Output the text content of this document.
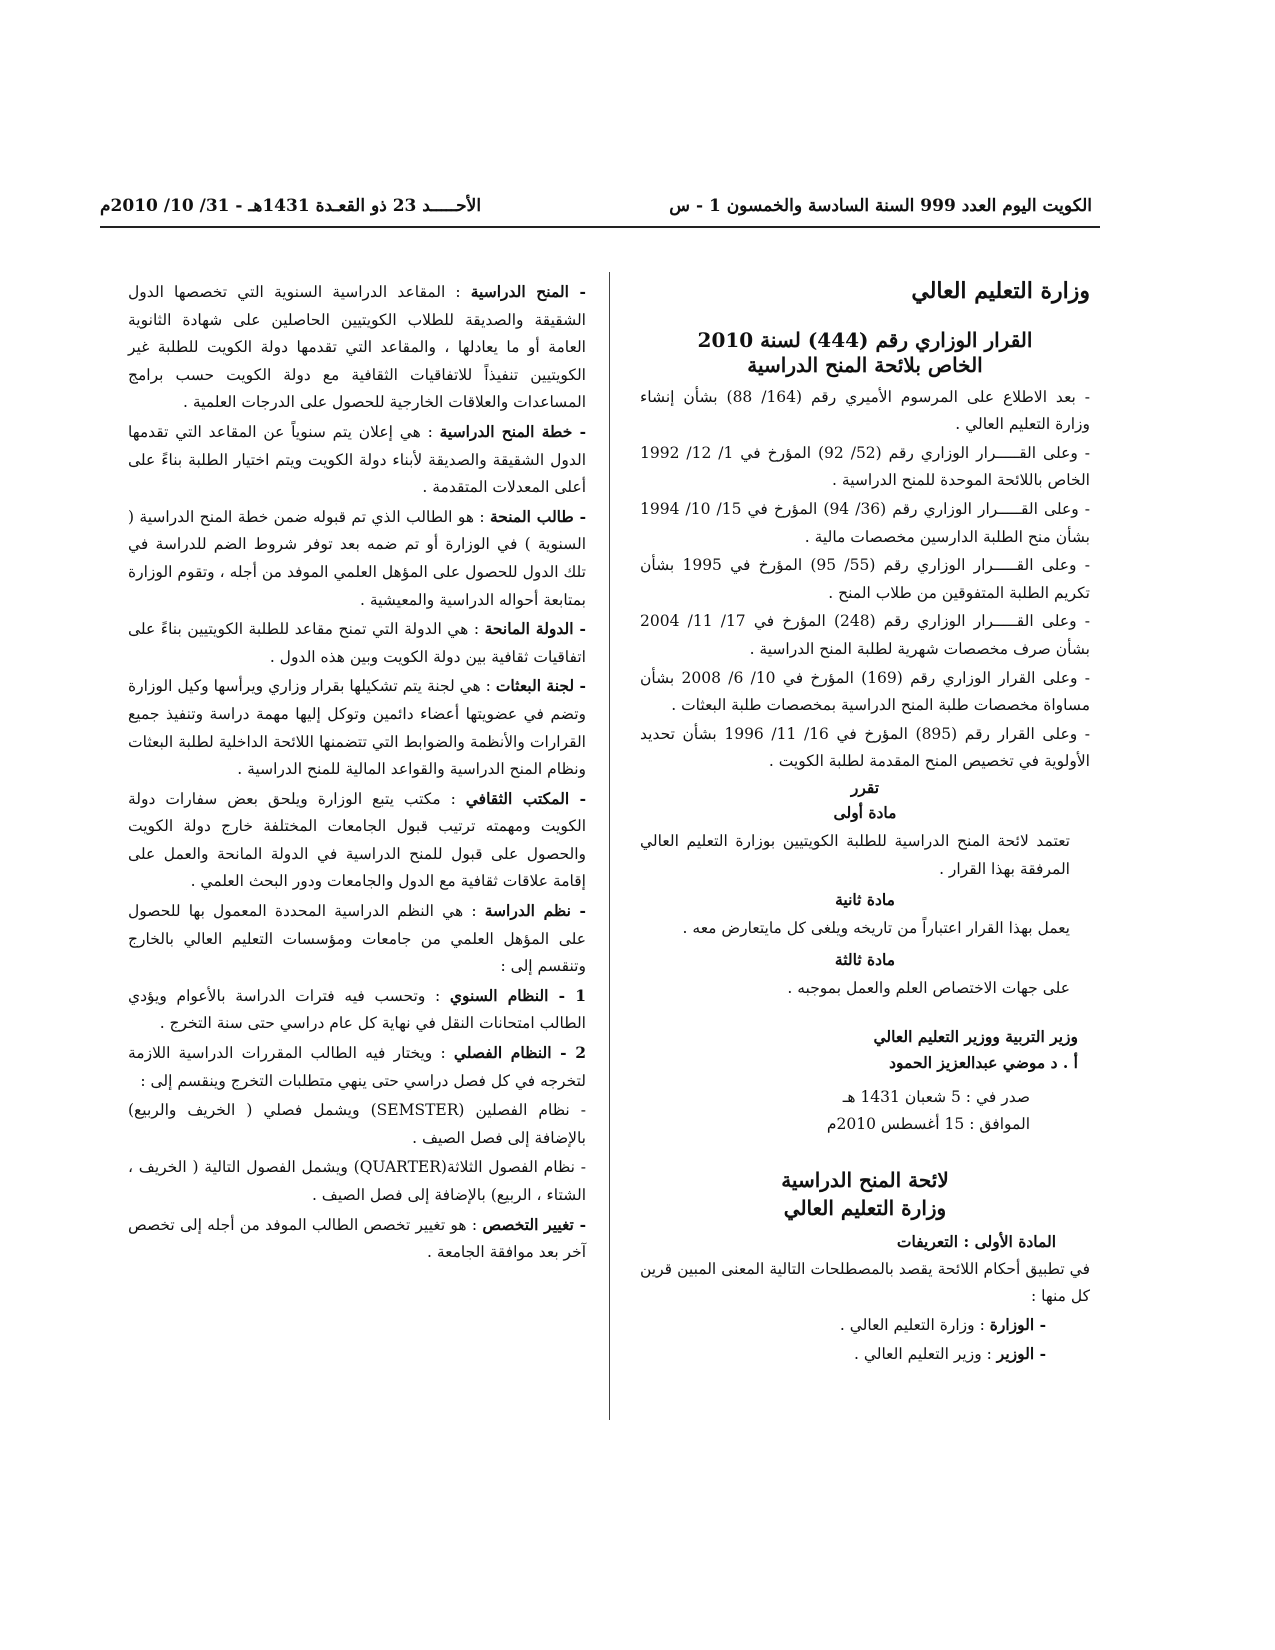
الكويت اليوم العدد 999 السنة السادسة والخمسون 1 - س
الأحـــــد 23 ذو القعـدة 1431هـ - 31/ 10/ 2010م
وزارة التعليم العالي
القرار الوزاري رقم (444) لسنة 2010
الخاص بلائحة المنح الدراسية

- بعد الاطلاع على المرسوم الأميري رقم (164/ 88) بشأن إنشاء وزارة التعليم العالي .

- وعلى القـــــرار الوزاري رقم (52/ 92) المؤرخ في 1/ 12/ 1992 الخاص باللائحة الموحدة للمنح الدراسية .

- وعلى القـــــرار الوزاري رقم (36/ 94) المؤرخ في 15/ 10/ 1994 بشأن منح الطلبة الدارسين مخصصات مالية .

- وعلى القـــــرار الوزاري رقم (55/ 95) المؤرخ في 1995 بشأن تكريم الطلبة المتفوقين من طلاب المنح .

- وعلى القـــــرار الوزاري رقم (248) المؤرخ في 17/ 11/ 2004 بشأن صرف مخصصات شهرية لطلبة المنح الدراسية .

- وعلى القرار الوزاري رقم (169) المؤرخ في 10/ 6/ 2008 بشأن مساواة مخصصات طلبة المنح الدراسية بمخصصات طلبة البعثات .

- وعلى القرار رقم (895) المؤرخ في 16/ 11/ 1996 بشأن تحديد الأولوية في تخصيص المنح المقدمة لطلبة الكويت .

تقرر
مادة أولى

تعتمد لائحة المنح الدراسية للطلبة الكويتيين بوزارة التعليم العالي المرفقة بهذا القرار .

مادة ثانية

يعمل بهذا القرار اعتباراً من تاريخه ويلغى كل مايتعارض معه .

مادة ثالثة

على جهات الاختصاص العلم والعمل بموجبه .

وزير التربية ووزير التعليم العالي
أ . د موضي عبدالعزيز الحمود
صدر في : 5 شعبان 1431 هـ
الموافق : 15 أغسطس 2010م
لائحة المنح الدراسية
وزارة التعليم العالي
المادة الأولى : التعريفات

في تطبيق أحكام اللائحة يقصد بالمصطلحات التالية المعنى المبين قرين كل منها :

- الوزارة : وزارة التعليم العالي .

- الوزير : وزير التعليم العالي .

- المنح الدراسية : المقاعد الدراسية السنوية التي تخصصها الدول الشقيقة والصديقة للطلاب الكويتيين الحاصلين على شهادة الثانوية العامة أو ما يعادلها ، والمقاعد التي تقدمها دولة الكويت للطلبة غير الكويتيين تنفيذاً للاتفاقيات الثقافية مع دولة الكويت حسب برامج المساعدات والعلاقات الخارجية للحصول على الدرجات العلمية .

- خطة المنح الدراسية : هي إعلان يتم سنوياً عن المقاعد التي تقدمها الدول الشقيقة والصديقة لأبناء دولة الكويت ويتم اختيار الطلبة بناءً على أعلى المعدلات المتقدمة .

- طالب المنحة : هو الطالب الذي تم قبوله ضمن خطة المنح الدراسية ( السنوية ) في الوزارة أو تم ضمه بعد توفر شروط الضم للدراسة في تلك الدول للحصول على المؤهل العلمي الموفد من أجله ، وتقوم الوزارة بمتابعة أحواله الدراسية والمعيشية .

- الدولة المانحة : هي الدولة التي تمنح مقاعد للطلبة الكويتيين بناءً على اتفاقيات ثقافية بين دولة الكويت وبين هذه الدول .

- لجنة البعثات : هي لجنة يتم تشكيلها بقرار وزاري ويرأسها وكيل الوزارة وتضم في عضويتها أعضاء دائمين وتوكل إليها مهمة دراسة وتنفيذ جميع القرارات والأنظمة والضوابط التي تتضمنها اللائحة الداخلية لطلبة البعثات ونظام المنح الدراسية والقواعد المالية للمنح الدراسية .

- المكتب الثقافي : مكتب يتبع الوزارة ويلحق بعض سفارات دولة الكويت ومهمته ترتيب قبول الجامعات المختلفة خارج دولة الكويت والحصول على قبول للمنح الدراسية في الدولة المانحة والعمل على إقامة علاقات ثقافية مع الدول والجامعات ودور البحث العلمي .

- نظم الدراسة : هي النظم الدراسية المحددة المعمول بها للحصول على المؤهل العلمي من جامعات ومؤسسات التعليم العالي بالخارج وتنقسم إلى :

1 - النظام السنوي : وتحسب فيه فترات الدراسة بالأعوام ويؤدي الطالب امتحانات النقل في نهاية كل عام دراسي حتى سنة التخرج .

2 - النظام الفصلي : ويختار فيه الطالب المقررات الدراسية اللازمة لتخرجه في كل فصل دراسي حتى ينهي متطلبات التخرج وينقسم إلى :

- نظام الفصلين (SEMSTER) ويشمل فصلي ( الخريف والربيع) بالإضافة إلى فصل الصيف .

- نظام الفصول الثلاثة(QUARTER) ويشمل الفصول التالية ( الخريف ، الشتاء ، الربيع) بالإضافة إلى فصل الصيف .

- تغيير التخصص : هو تغيير تخصص الطالب الموفد من أجله إلى تخصص آخر بعد موافقة الجامعة .
